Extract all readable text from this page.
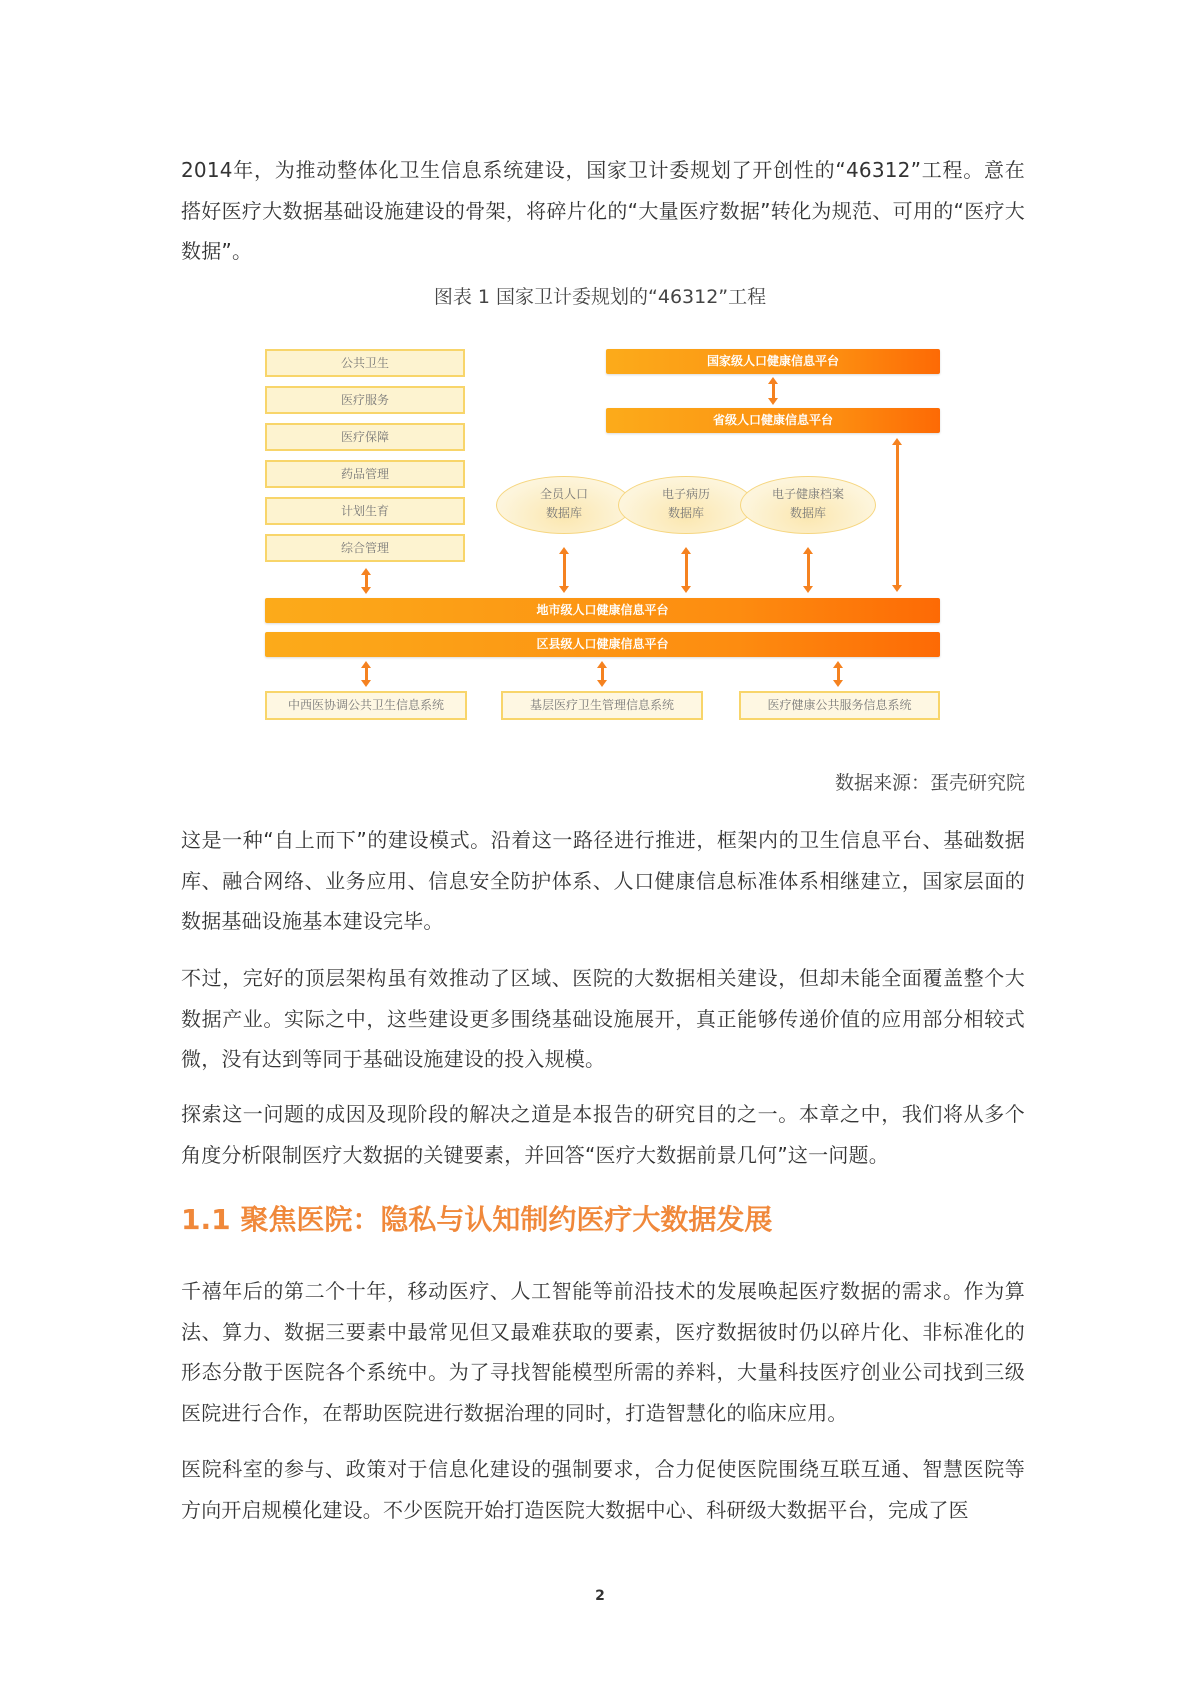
2014年，为推动整体化卫生信息系统建设，国家卫计委规划了开创性的“46312”工程。意在搭好医疗大数据基础设施建设的骨架，将碎片化的“大量医疗数据”转化为规范、可用的“医疗大数据”。
图表 1 国家卫计委规划的“46312”工程
公共卫生
医疗服务
医疗保障
药品管理
计划生育
综合管理
国家级人口健康信息平台
省级人口健康信息平台
全员人口
数据库
电子病历
数据库
电子健康档案
数据库
地市级人口健康信息平台
区县级人口健康信息平台
中西医协调公共卫生信息系统	基层医疗卫生管理信息系统	医疗健康公共服务信息系统
数据来源：蛋壳研究院
这是一种“自上而下”的建设模式。沿着这一路径进行推进，框架内的卫生信息平台、基础数据库、融合网络、业务应用、信息安全防护体系、人口健康信息标准体系相继建立，国家层面的数据基础设施基本建设完毕。
不过，完好的顶层架构虽有效推动了区域、医院的大数据相关建设，但却未能全面覆盖整个大数据产业。实际之中，这些建设更多围绕基础设施展开，真正能够传递价值的应用部分相较式微，没有达到等同于基础设施建设的投入规模。
探索这一问题的成因及现阶段的解决之道是本报告的研究目的之一。本章之中，我们将从多个角度分析限制医疗大数据的关键要素，并回答“医疗大数据前景几何”这一问题。
1.1 聚焦医院：隐私与认知制约医疗大数据发展
千禧年后的第二个十年，移动医疗、人工智能等前沿技术的发展唤起医疗数据的需求。作为算法、算力、数据三要素中最常见但又最难获取的要素，医疗数据彼时仍以碎片化、非标准化的形态分散于医院各个系统中。为了寻找智能模型所需的养料，大量科技医疗创业公司找到三级医院进行合作，在帮助医院进行数据治理的同时，打造智慧化的临床应用。
医院科室的参与、政策对于信息化建设的强制要求，合力促使医院围绕互联互通、智慧医院等方向开启规模化建设。不少医院开始打造医院大数据中心、科研级大数据平台，完成了医
2
